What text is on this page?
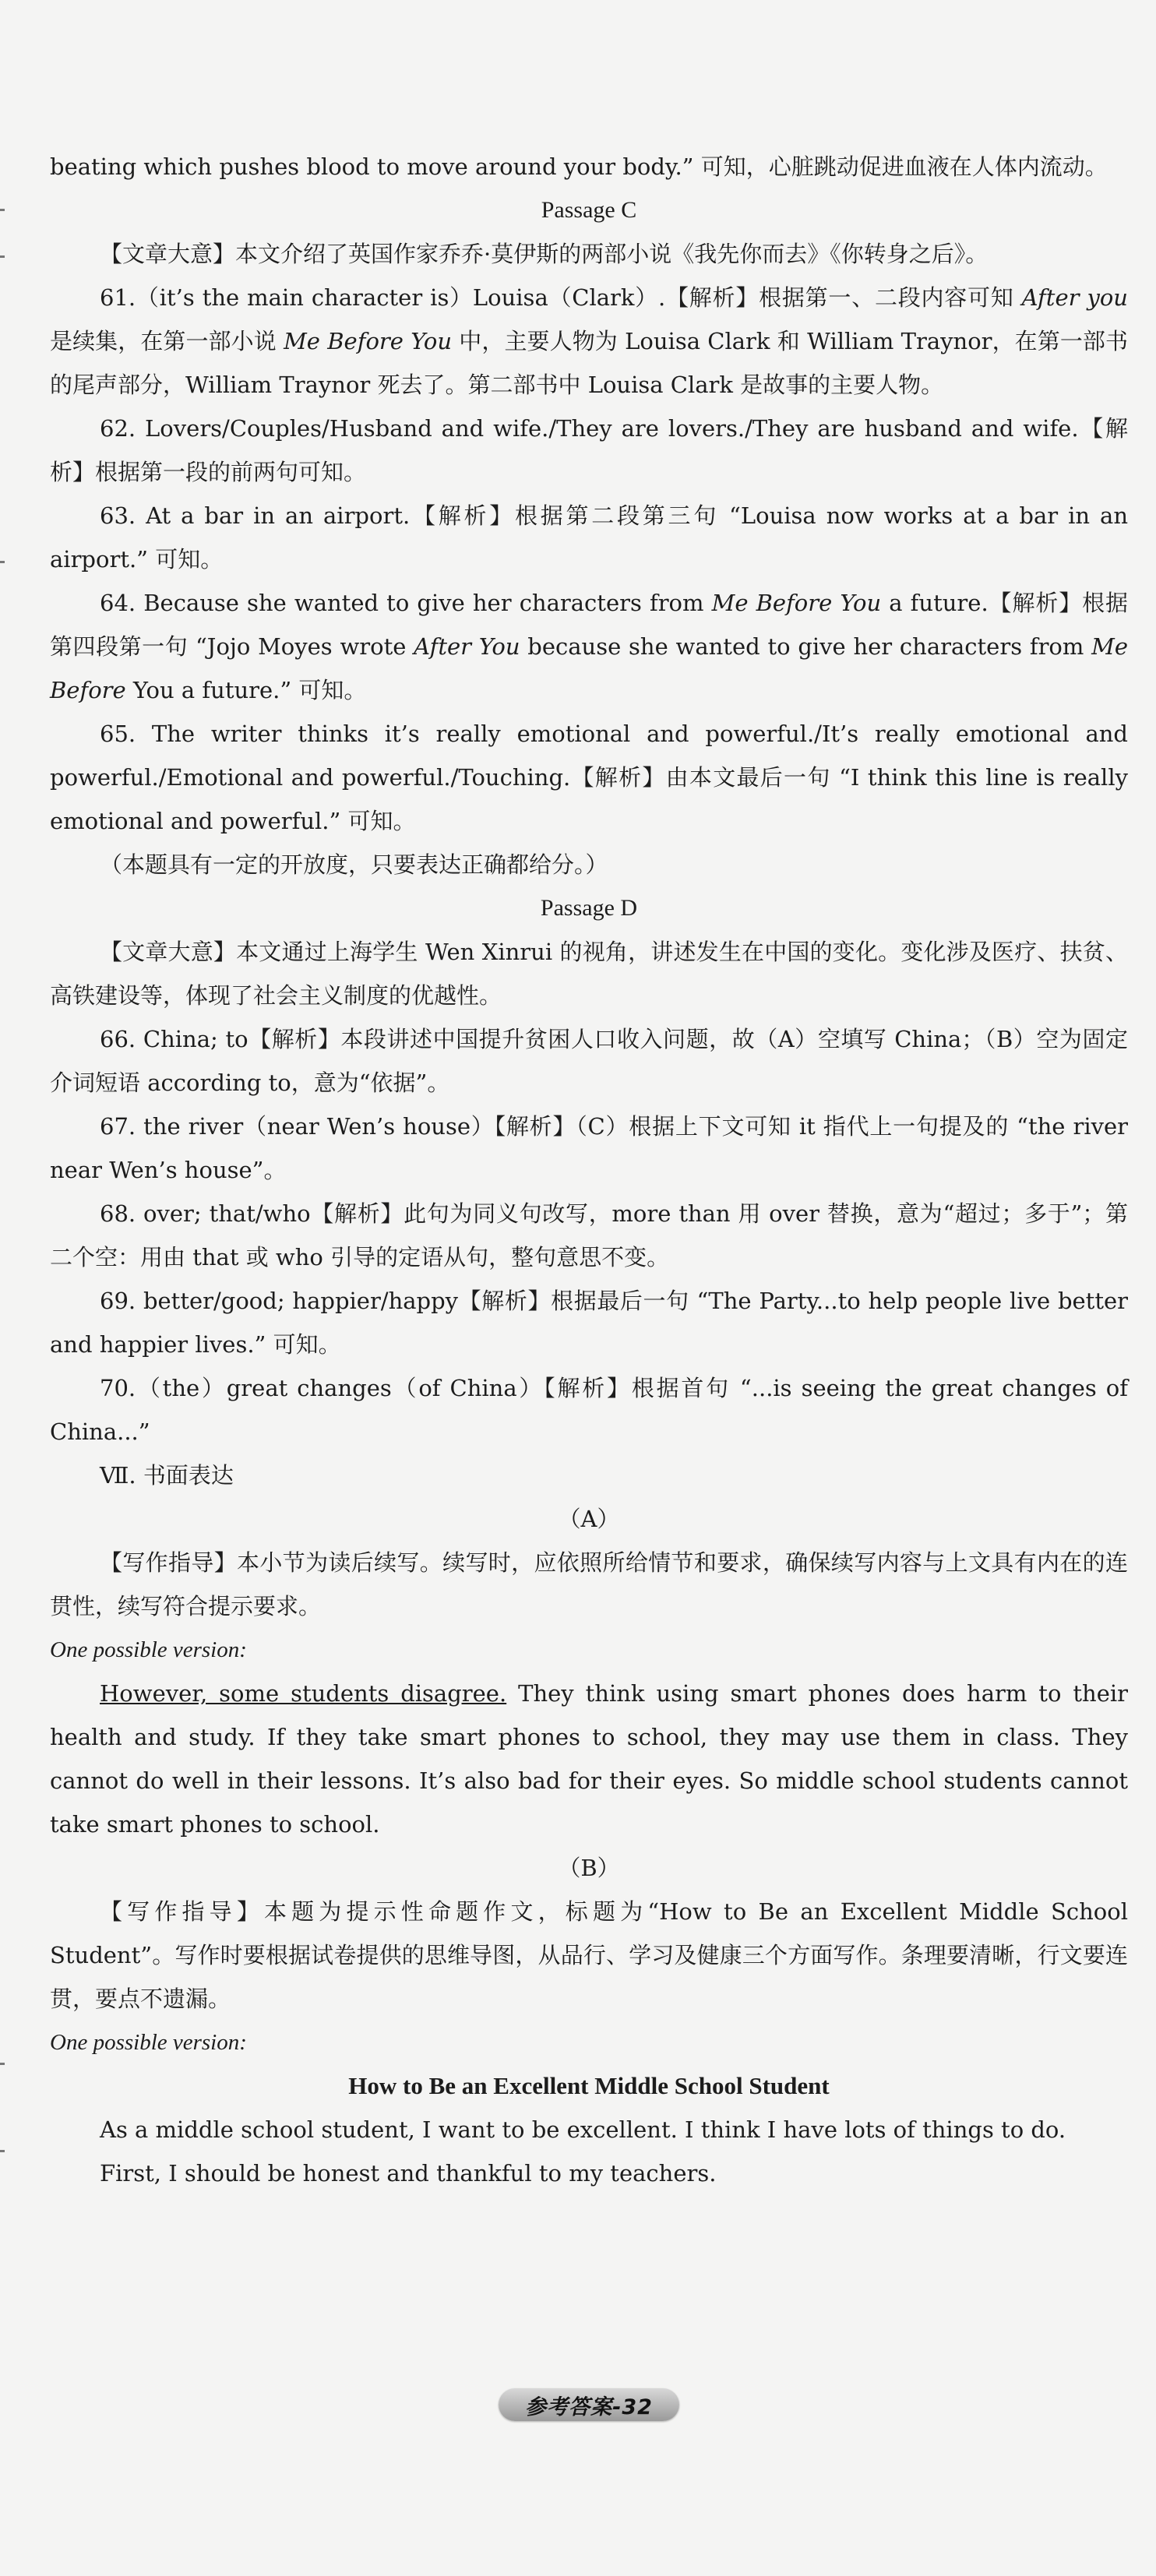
beating which pushes blood to move around your body.” 可知，心脏跳动促进血液在人体内流动。

Passage C

【文章大意】本文介绍了英国作家乔乔·莫伊斯的两部小说《我先你而去》《你转身之后》。

61.（it’s the main character is）Louisa（Clark）.【解析】根据第一、二段内容可知 After you 是续集，在第一部小说 Me Before You 中，主要人物为 Louisa Clark 和 William Traynor，在第一部书的尾声部分，William Traynor 死去了。第二部书中 Louisa Clark 是故事的主要人物。

62. Lovers/Couples/Husband and wife./They are lovers./They are husband and wife.【解析】根据第一段的前两句可知。

63. At a bar in an airport.【解析】根据第二段第三句 “Louisa now works at a bar in an airport.” 可知。

64. Because she wanted to give her characters from Me Before You a future.【解析】根据第四段第一句 “Jojo Moyes wrote After You because she wanted to give her characters from Me Before You a future.” 可知。

65. The writer thinks it’s really emotional and powerful./It’s really emotional and powerful./Emotional and powerful./Touching.【解析】由本文最后一句 “I think this line is really emotional and powerful.” 可知。

（本题具有一定的开放度，只要表达正确都给分。）

Passage D

【文章大意】本文通过上海学生 Wen Xinrui 的视角，讲述发生在中国的变化。变化涉及医疗、扶贫、高铁建设等，体现了社会主义制度的优越性。

66. China; to【解析】本段讲述中国提升贫困人口收入问题，故（A）空填写 China；（B）空为固定介词短语 according to，意为“依据”。

67. the river（near Wen’s house）【解析】（C）根据上下文可知 it 指代上一句提及的 “the river near Wen’s house”。

68. over; that/who【解析】此句为同义句改写，more than 用 over 替换，意为“超过；多于”；第二个空：用由 that 或 who 引导的定语从句，整句意思不变。

69. better/good; happier/happy【解析】根据最后一句 “The Party...to help people live better and happier lives.” 可知。

70.（the）great changes（of China）【解析】根据首句 “...is seeing the great changes of China...”

Ⅶ. 书面表达

（A）

【写作指导】本小节为读后续写。续写时，应依照所给情节和要求，确保续写内容与上文具有内在的连贯性，续写符合提示要求。

One possible version:

However, some students disagree. They think using smart phones does harm to their health and study. If they take smart phones to school, they may use them in class. They cannot do well in their lessons. It’s also bad for their eyes. So middle school students cannot take smart phones to school.

（B）

【写作指导】本题为提示性命题作文，标题为“How to Be an Excellent Middle School Student”。写作时要根据试卷提供的思维导图，从品行、学习及健康三个方面写作。条理要清晰，行文要连贯，要点不遗漏。

One possible version:

How to Be an Excellent Middle School Student

As a middle school student, I want to be excellent. I think I have lots of things to do.

First, I should be honest and thankful to my teachers.

参考答案-32
